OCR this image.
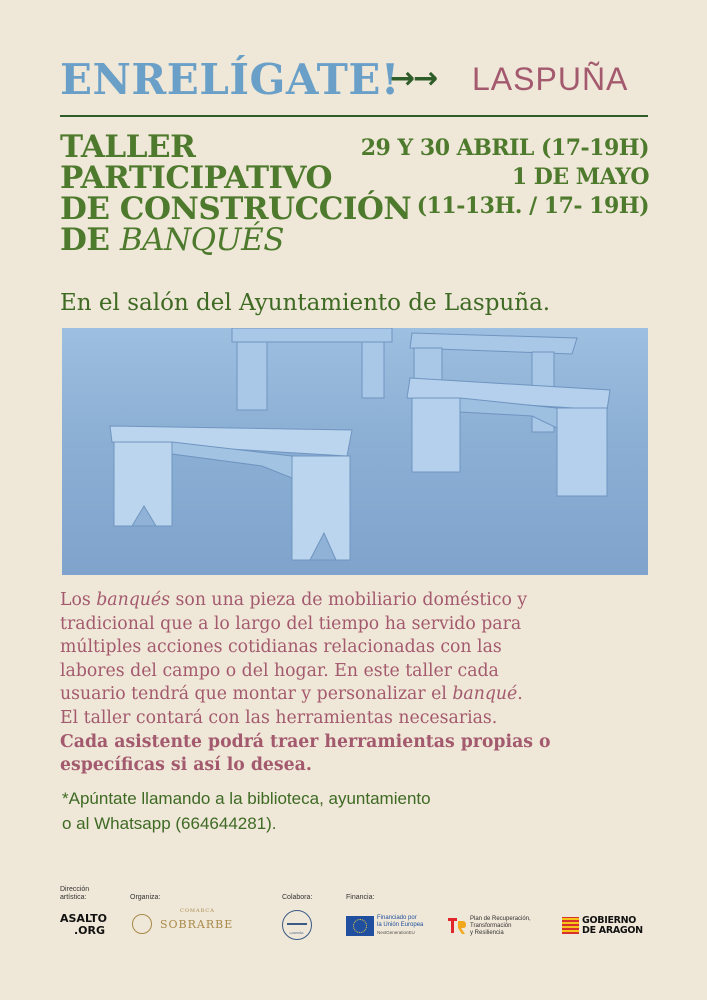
ENRELÍGATE!
→→ LASPUÑA
TALLER
PARTICIPATIVO
DE CONSTRUCCIÓN
DE BANQUÉS
29 Y 30 ABRIL (17-19H)
1 DE MAYO
(11-13H. / 17- 19H)
En el salón del Ayuntamiento de Laspuña.
Los banqués son una pieza de mobiliario doméstico y
tradicional que a lo largo del tiempo ha servido para
múltiples acciones cotidianas relacionadas con las
labores del campo o del hogar. En este taller cada
usuario tendrá que montar y personalizar el banqué.
El taller contará con las herramientas necesarias.
Cada asistente podrá traer herramientas propias o
específicas si así lo desea.
*Apúntate llamando a la biblioteca, ayuntamiento
o al Whatsapp (664644281).
Dirección
artística:	Organiza:	Colabora:	Financia:
ASALTO
.ORG
COMARCA
SOBRARBE
LASPUÑA
Financiado por
la Unión Europea
NextGenerationEU
Plan de Recuperación,
Transformación
y Resiliencia
GOBIERNO
DE ARAGON
